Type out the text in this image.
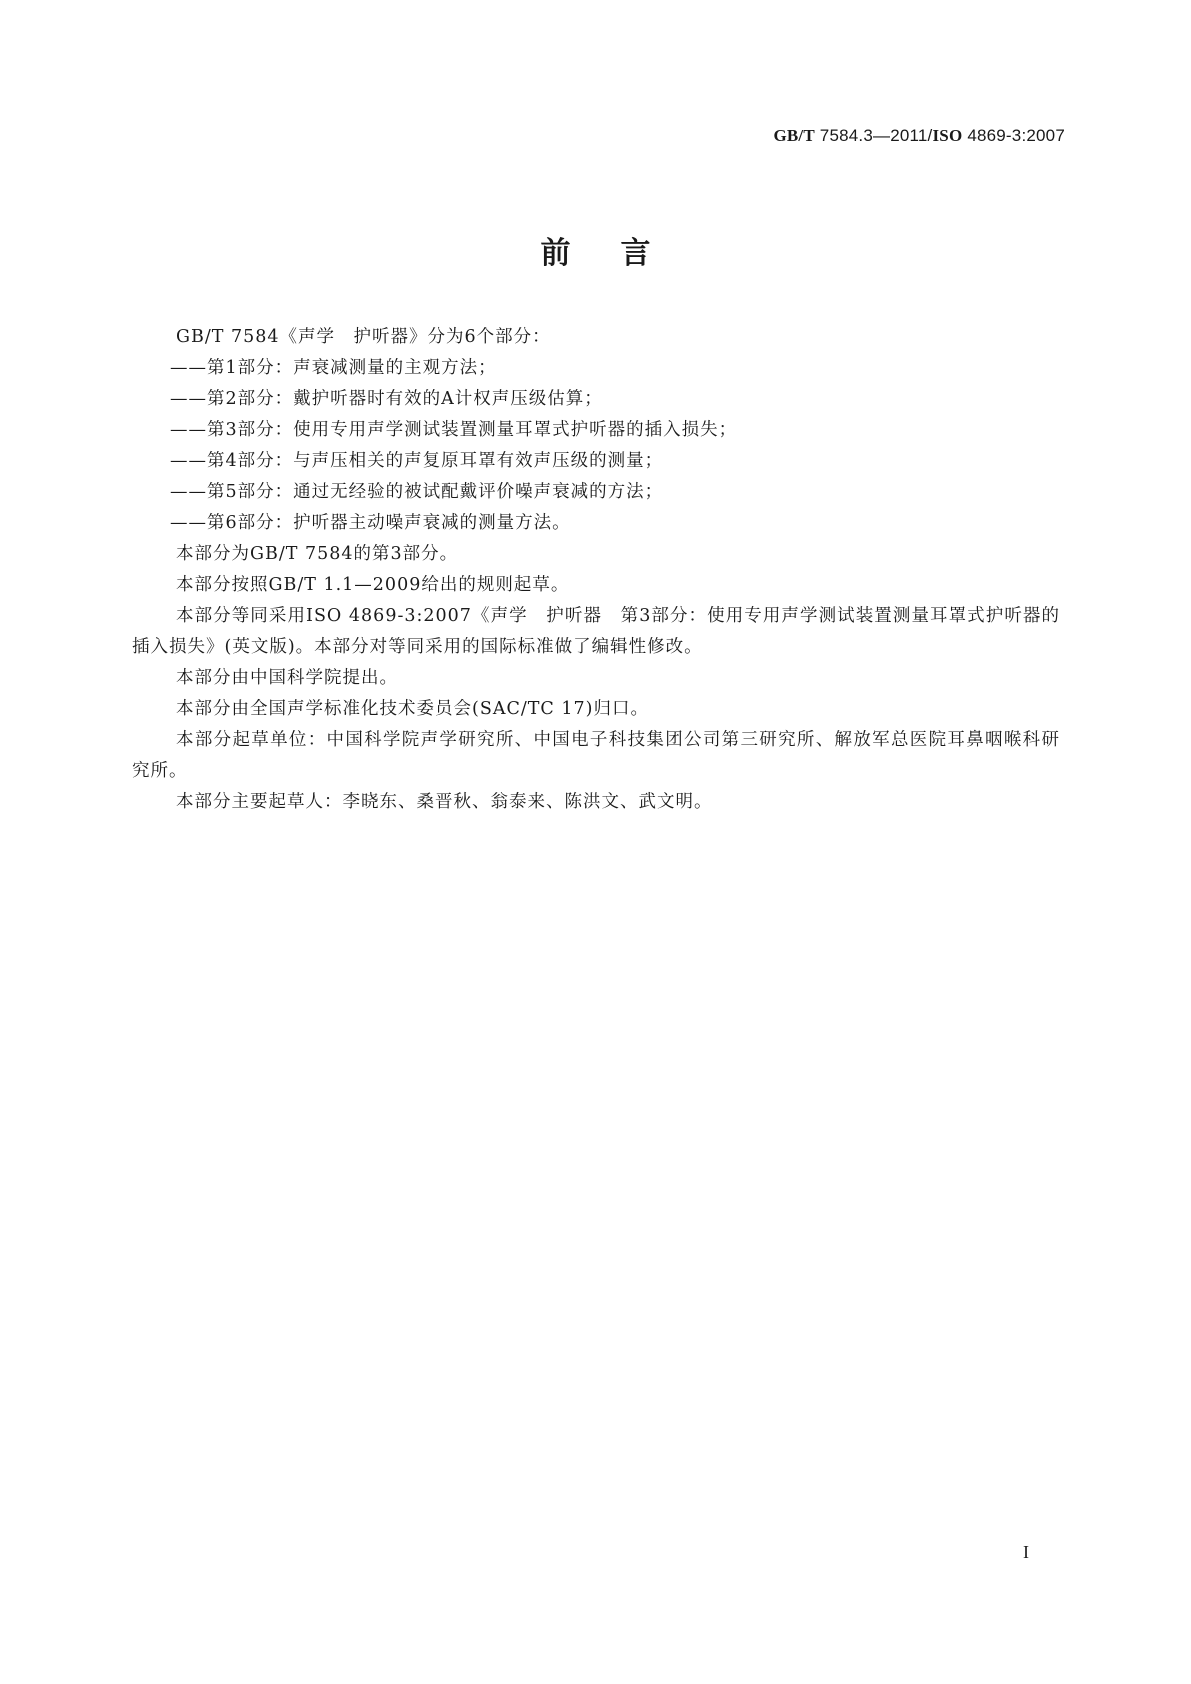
GB/T 7584.3—2011/ISO 4869-3:2007
前言

GB/T 7584《声学　护听器》分为6个部分：

——第1部分：声衰减测量的主观方法；

——第2部分：戴护听器时有效的A计权声压级估算；

——第3部分：使用专用声学测试装置测量耳罩式护听器的插入损失；

——第4部分：与声压相关的声复原耳罩有效声压级的测量；

——第5部分：通过无经验的被试配戴评价噪声衰减的方法；

——第6部分：护听器主动噪声衰减的测量方法。

本部分为GB/T 7584的第3部分。

本部分按照GB/T 1.1—2009给出的规则起草。

本部分等同采用ISO 4869-3:2007《声学　护听器　第3部分：使用专用声学测试装置测量耳罩式护听器的插入损失》(英文版)。本部分对等同采用的国际标准做了编辑性修改。

本部分由中国科学院提出。

本部分由全国声学标准化技术委员会(SAC/TC 17)归口。

本部分起草单位：中国科学院声学研究所、中国电子科技集团公司第三研究所、解放军总医院耳鼻咽喉科研究所。

本部分主要起草人：李晓东、桑晋秋、翁泰来、陈洪文、武文明。

I
